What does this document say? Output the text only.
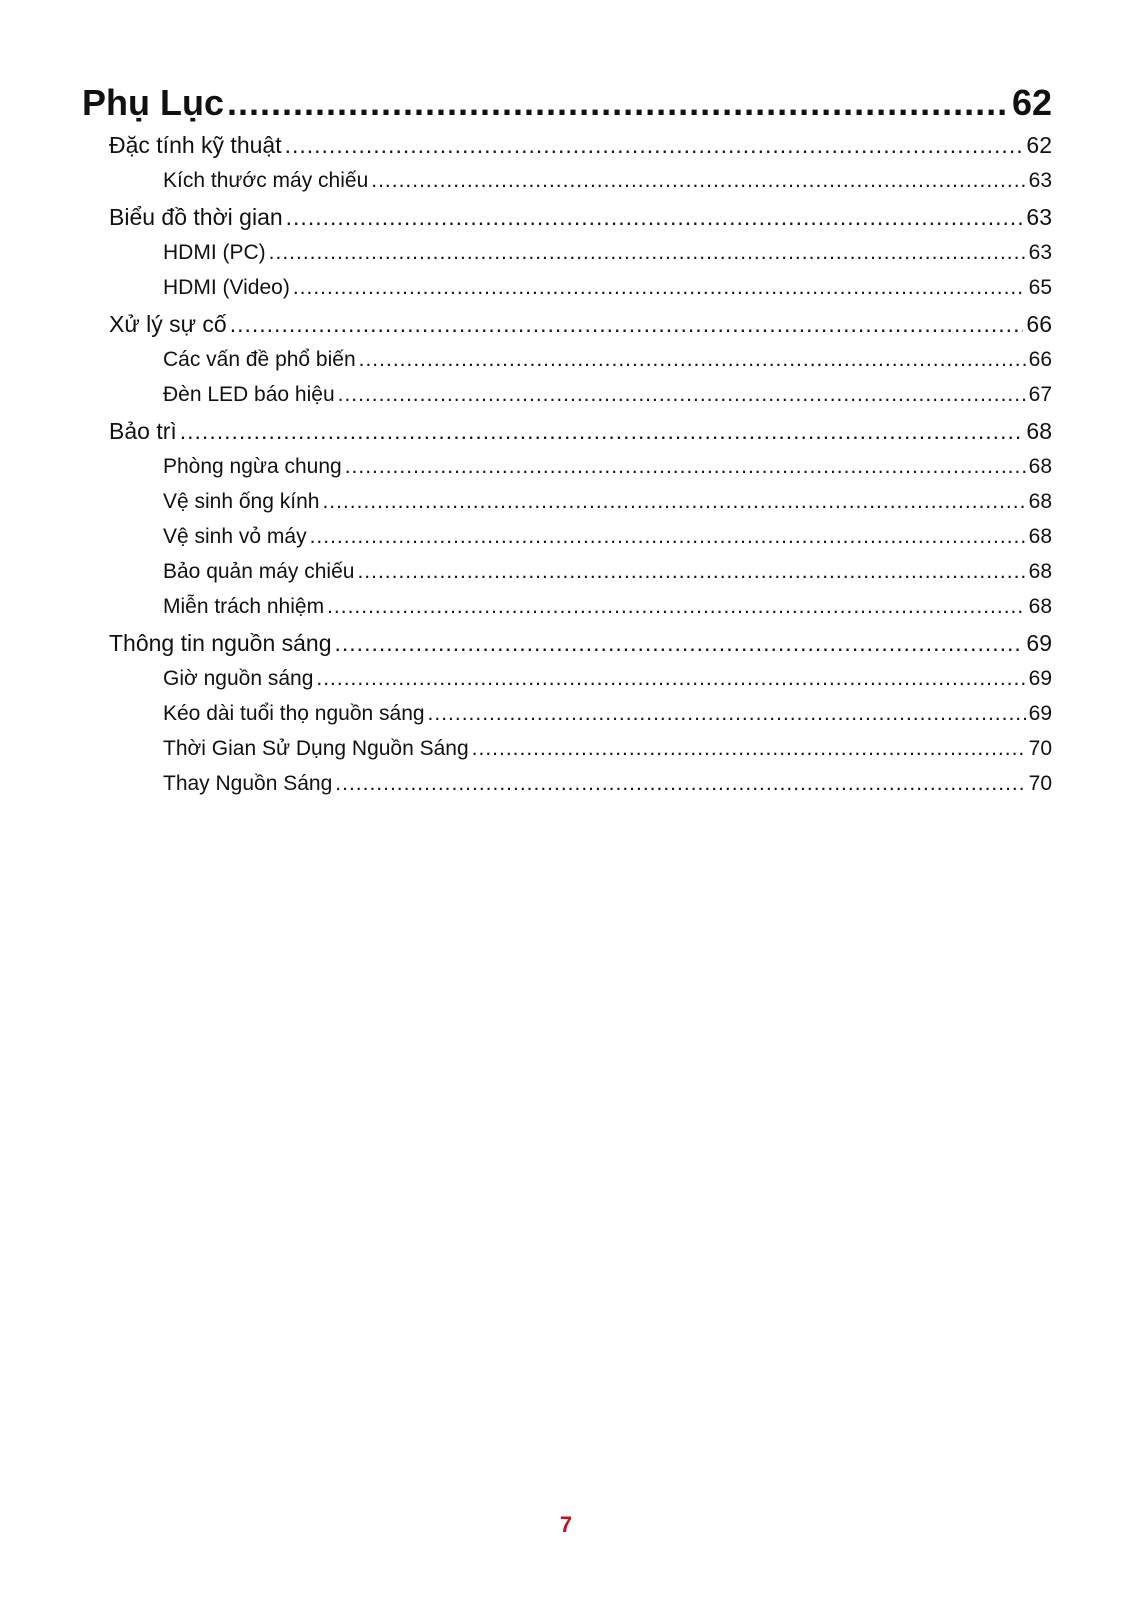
Phụ Lục .....	62
Đặc tính kỹ thuật .....	62
Kích thước máy chiếu .....	63
Biểu đồ thời gian .....	63
HDMI (PC) .....	63
HDMI (Video) .....	65
Xử lý sự cố .....	66
Các vấn đề phổ biến .....	66
Đèn LED báo hiệu .....	67
Bảo trì .....	68
Phòng ngừa chung .....	68
Vệ sinh ống kính .....	68
Vệ sinh vỏ máy .....	68
Bảo quản máy chiếu .....	68
Miễn trách nhiệm .....	68
Thông tin nguồn sáng .....	69
Giờ nguồn sáng .....	69
Kéo dài tuổi thọ nguồn sáng .....	69
Thời Gian Sử Dụng Nguồn Sáng .....	70
Thay Nguồn Sáng .....	70
7
